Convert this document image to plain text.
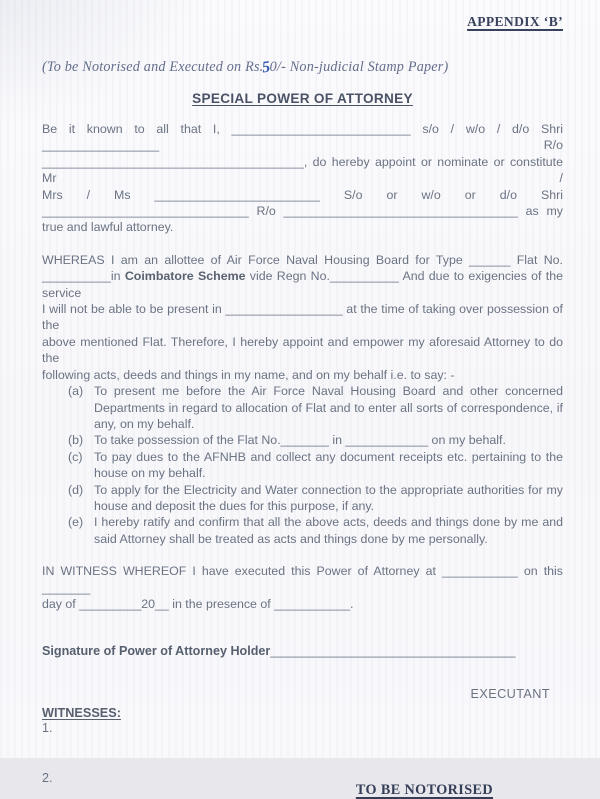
APPENDIX ‘B’
(To be Notorised and Executed on Rs.50/- Non-judicial Stamp Paper)
SPECIAL POWER OF ATTORNEY
Be it known to all that I, __________________________ s/o / w/o / d/o Shri _________________ R/o
______________________________________, do hereby appoint or nominate or constitute Mr /
Mrs / Ms ________________________ S/o or w/o or d/o Shri
______________________________ R/o __________________________________ as my
true and lawful attorney.
WHEREAS I am an allottee of Air Force Naval Housing Board for Type ______ Flat No.
__________in Coimbatore Scheme vide Regn No.__________ And due to exigencies of the service
I will not be able to be present in _________________ at the time of taking over possession of the
above mentioned Flat. Therefore, I hereby appoint and empower my aforesaid Attorney to do the
following acts, deeds and things in my name, and on my behalf i.e. to say: -
(a) To present me before the Air Force Naval Housing Board and other concerned
Departments in regard to allocation of Flat and to enter all sorts of correspondence, if
any, on my behalf.
(b) To take possession of the Flat No._______ in ____________ on my behalf.
(c) To pay dues to the AFNHB and collect any document receipts etc. pertaining to the
house on my behalf.
(d) To apply for the Electricity and Water connection to the appropriate authorities for my
house and deposit the dues for this purpose, if any.
(e) I hereby ratify and confirm that all the above acts, deeds and things done by me and
said Attorney shall be treated as acts and things done by me personally.
IN WITNESS WHEREOF I have executed this Power of Attorney at ___________ on this _______
day of _________20__ in the presence of ___________.
Signature of Power of Attorney Holder___________________________________
EXECUTANT
WITNESSES:
1.
2.
TO BE NOTORISED
